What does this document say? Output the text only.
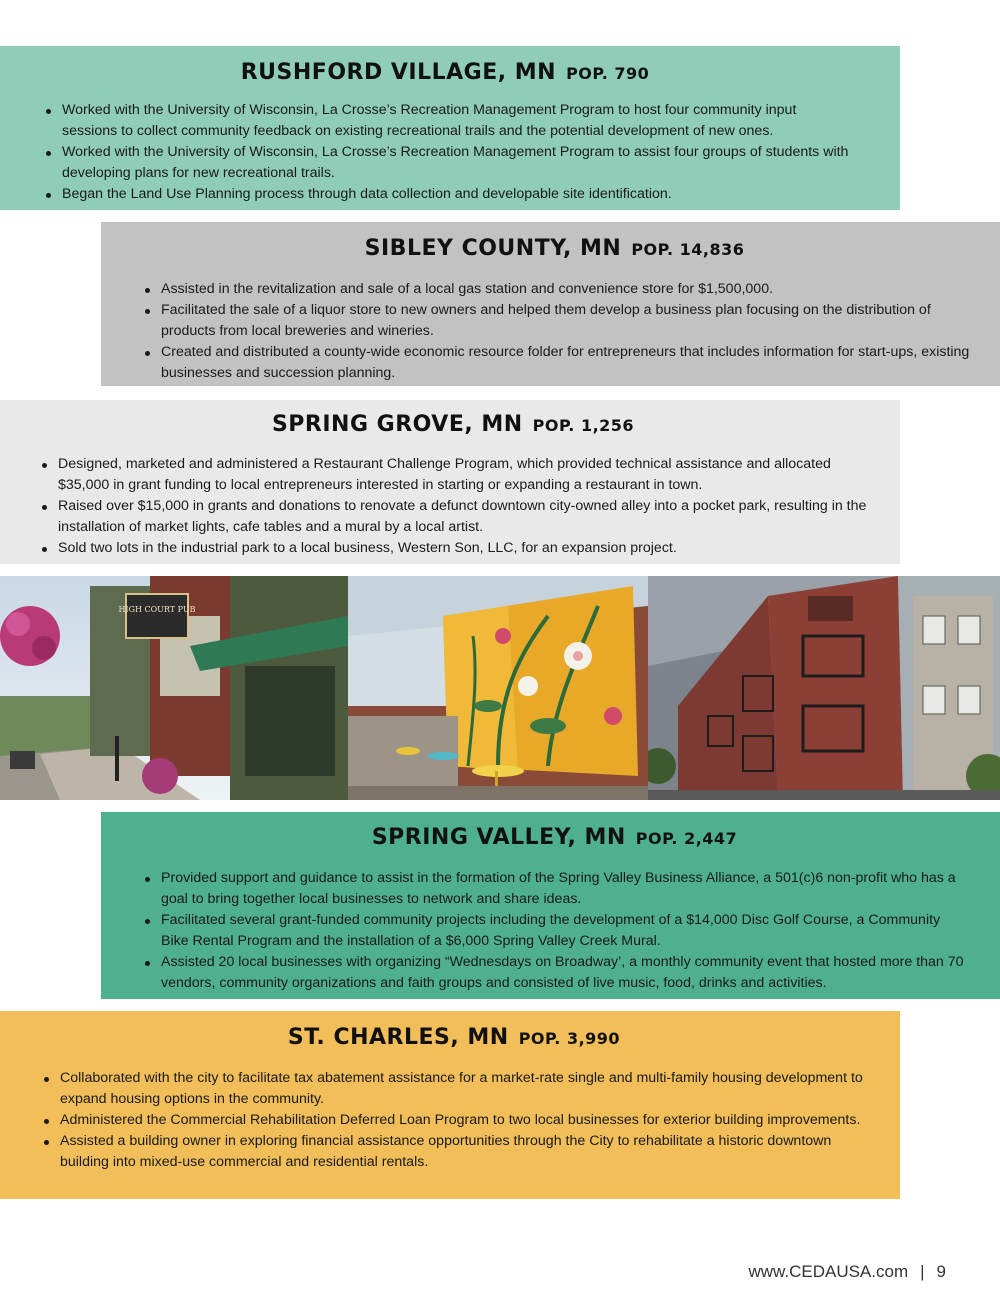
RUSHFORD VILLAGE, MN POP. 790
Worked with the University of Wisconsin, La Crosse’s Recreation Management Program to host four community input sessions to collect community feedback on existing recreational trails and the potential development of new ones.
Worked with the University of Wisconsin, La Crosse’s Recreation Management Program to assist four groups of students with developing plans for new recreational trails.
Began the Land Use Planning process through data collection and developable site identification.
SIBLEY COUNTY, MN POP. 14,836
Assisted in the revitalization and sale of a local gas station and convenience store for $1,500,000.
Facilitated the sale of a liquor store to new owners and helped them develop a business plan focusing on the distribution of products from local breweries and wineries.
Created and distributed a county-wide economic resource folder for entrepreneurs that includes information for start-ups, existing businesses and succession planning.
SPRING GROVE, MN POP. 1,256
Designed, marketed and administered a Restaurant Challenge Program, which provided technical assistance and allocated $35,000 in grant funding to local entrepreneurs interested in starting or expanding a restaurant in town.
Raised over $15,000 in grants and donations to renovate a defunct downtown city-owned alley into a pocket park, resulting in the installation of market lights, cafe tables and a mural by a local artist.
Sold two lots in the industrial park to a local business, Western Son, LLC, for an expansion project.
HIGH COURT PUB
SPRING VALLEY, MN POP. 2,447
Provided support and guidance to assist in the formation of the Spring Valley Business Alliance, a 501(c)6 non-profit who has a goal to bring together local businesses to network and share ideas.
Facilitated several grant-funded community projects including the development of a $14,000 Disc Golf Course, a Community Bike Rental Program and the installation of a $6,000 Spring Valley Creek Mural.
Assisted 20 local businesses with organizing “Wednesdays on Broadway’, a monthly community event that hosted more than 70 vendors, community organizations and faith groups and consisted of live music, food, drinks and activities.
ST. CHARLES, MN POP. 3,990
Collaborated with the city to facilitate tax abatement assistance for a market-rate single and multi-family housing development to expand housing options in the community.
Administered the Commercial Rehabilitation Deferred Loan Program to two local businesses for exterior building improvements.
Assisted a building owner in exploring financial assistance opportunities through the City to rehabilitate a historic downtown building into mixed-use commercial and residential rentals.
www.CEDAUSA.com | 9
